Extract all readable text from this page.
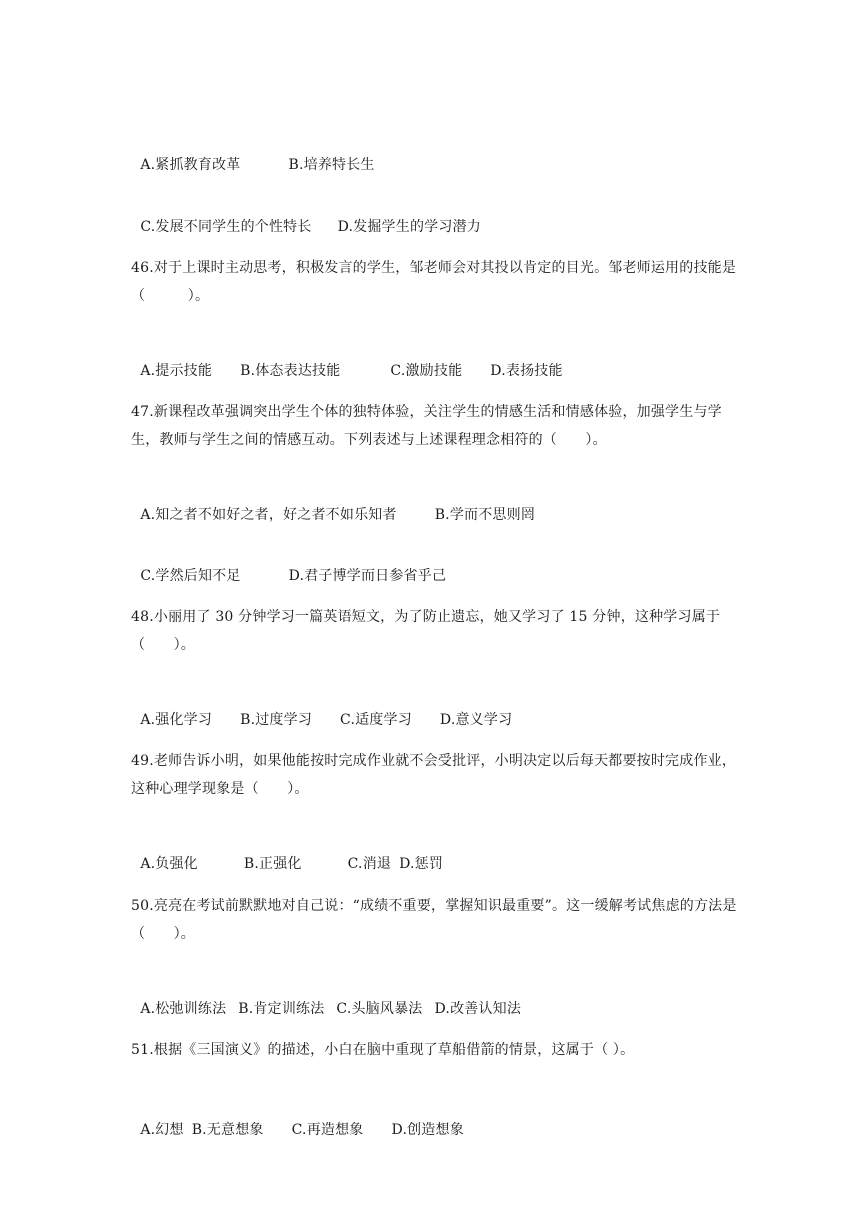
A.紧抓教育改革	B.培养特长生

C.发展不同学生的个性特长 D.发掘学生的学习潜力

46.对于上课时主动思考，积极发言的学生，邹老师会对其投以肯定的目光。邹老师运用的技能是（　　　）。

A.提示技能 B.体态表达技能	C.激励技能 D.表扬技能

47.新课程改革强调突出学生个体的独特体验，关注学生的情感生活和情感体验，加强学生与学生，教师与学生之间的情感互动。下列表述与上述课程理念相符的（　　）。

A.知之者不如好之者，好之者不如乐知者	B.学而不思则罔

C.学然后知不足	D.君子博学而日参省乎己

48.小丽用了 30 分钟学习一篇英语短文，为了防止遗忘，她又学习了 15 分钟，这种学习属于（　　）。

A.强化学习 B.过度学习 C.适度学习 D.意义学习

49.老师告诉小明，如果他能按时完成作业就不会受批评，小明决定以后每天都要按时完成作业，这种心理学现象是（　　）。

A.负强化	B.正强化	C.消退 D.惩罚

50.亮亮在考试前默默地对自己说：“成绩不重要，掌握知识最重要”。这一缓解考试焦虑的方法是（　　）。

A.松弛训练法 B.肯定训练法 C.头脑风暴法 D.改善认知法

51.根据《三国演义》的描述，小白在脑中重现了草船借箭的情景，这属于（ ）。

A.幻想 B.无意想象 C.再造想象 D.创造想象
